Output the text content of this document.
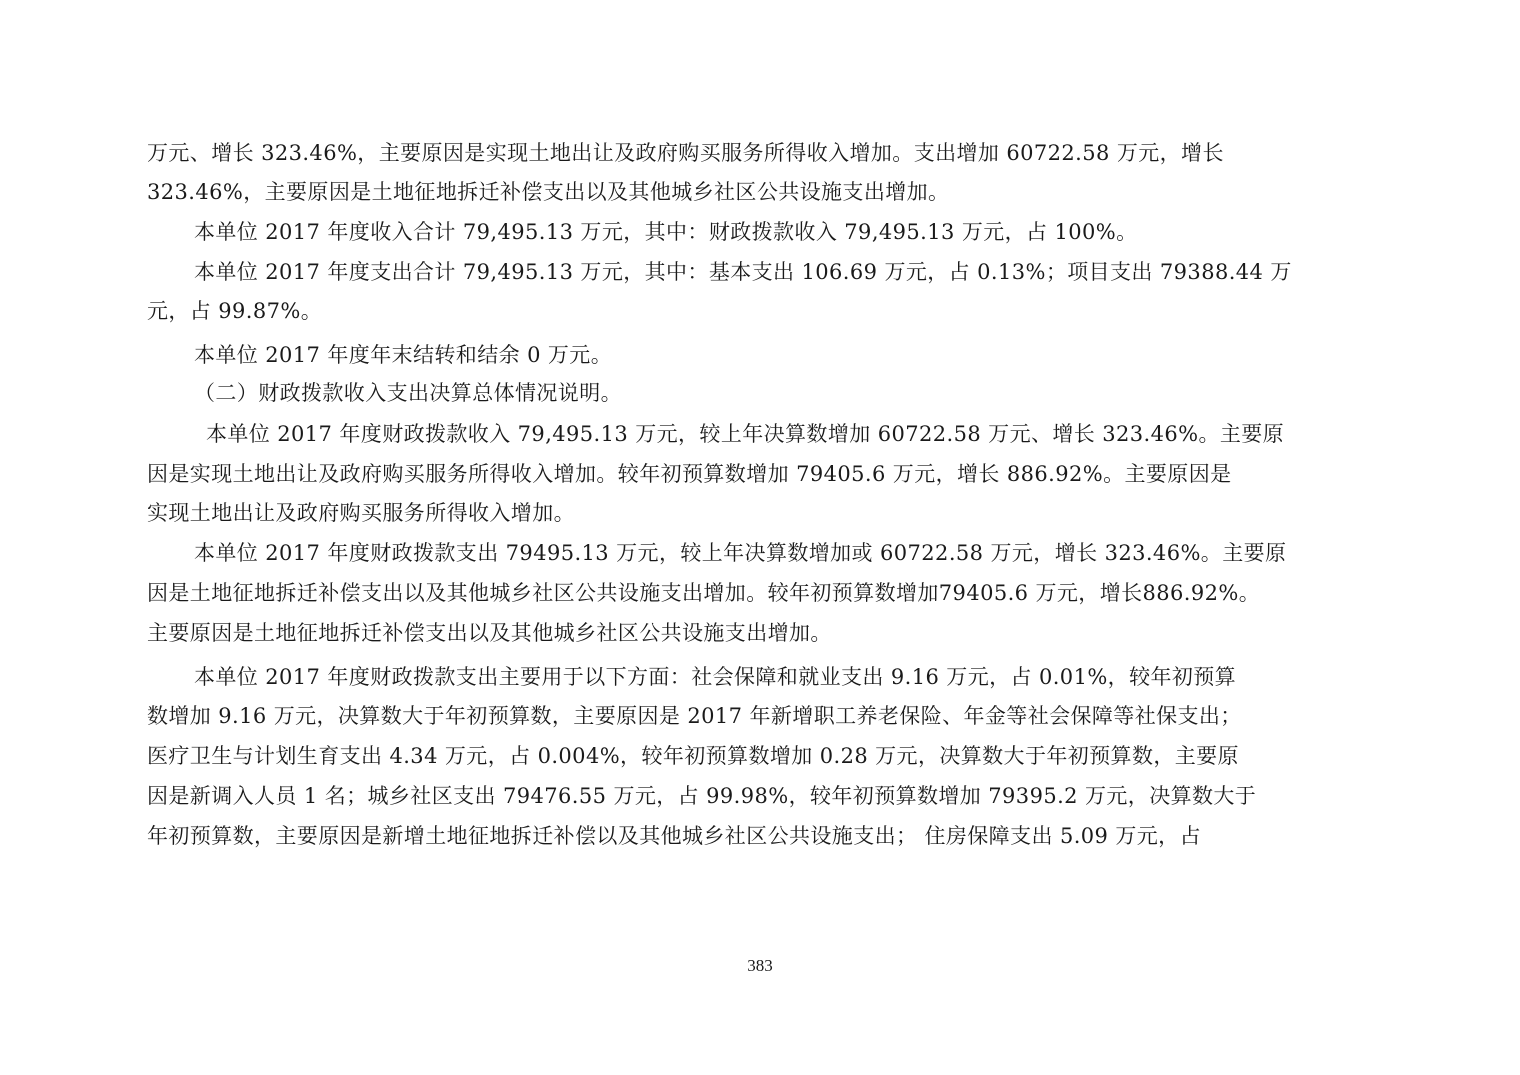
万元、增长 323.46%，主要原因是实现土地出让及政府购买服务所得收入增加。支出增加 60722.58 万元，增长
323.46%，主要原因是土地征地拆迁补偿支出以及其他城乡社区公共设施支出增加。
本单位 2017 年度收入合计 79,495.13 万元，其中：财政拨款收入 79,495.13 万元，占 100%。
本单位 2017 年度支出合计 79,495.13 万元，其中：基本支出 106.69 万元，占 0.13%；项目支出 79388.44 万
元，占 99.87%。
本单位 2017 年度年末结转和结余 0 万元。
（二）财政拨款收入支出决算总体情况说明。
本单位 2017 年度财政拨款收入 79,495.13 万元，较上年决算数增加 60722.58 万元、增长 323.46%。主要原
因是实现土地出让及政府购买服务所得收入增加。较年初预算数增加 79405.6 万元，增长 886.92%。主要原因是
实现土地出让及政府购买服务所得收入增加。
本单位 2017 年度财政拨款支出 79495.13 万元，较上年决算数增加或 60722.58 万元，增长 323.46%。主要原
因是土地征地拆迁补偿支出以及其他城乡社区公共设施支出增加。较年初预算数增加79405.6 万元，增长886.92%。
主要原因是土地征地拆迁补偿支出以及其他城乡社区公共设施支出增加。
本单位 2017 年度财政拨款支出主要用于以下方面：社会保障和就业支出 9.16 万元，占 0.01%，较年初预算
数增加 9.16 万元，决算数大于年初预算数，主要原因是 2017 年新增职工养老保险、年金等社会保障等社保支出；
医疗卫生与计划生育支出 4.34 万元，占 0.004%，较年初预算数增加 0.28 万元，决算数大于年初预算数，主要原
因是新调入人员 1 名；城乡社区支出 79476.55 万元，占 99.98%，较年初预算数增加 79395.2 万元，决算数大于
年初预算数，主要原因是新增土地征地拆迁补偿以及其他城乡社区公共设施支出； 住房保障支出 5.09 万元，占
383
